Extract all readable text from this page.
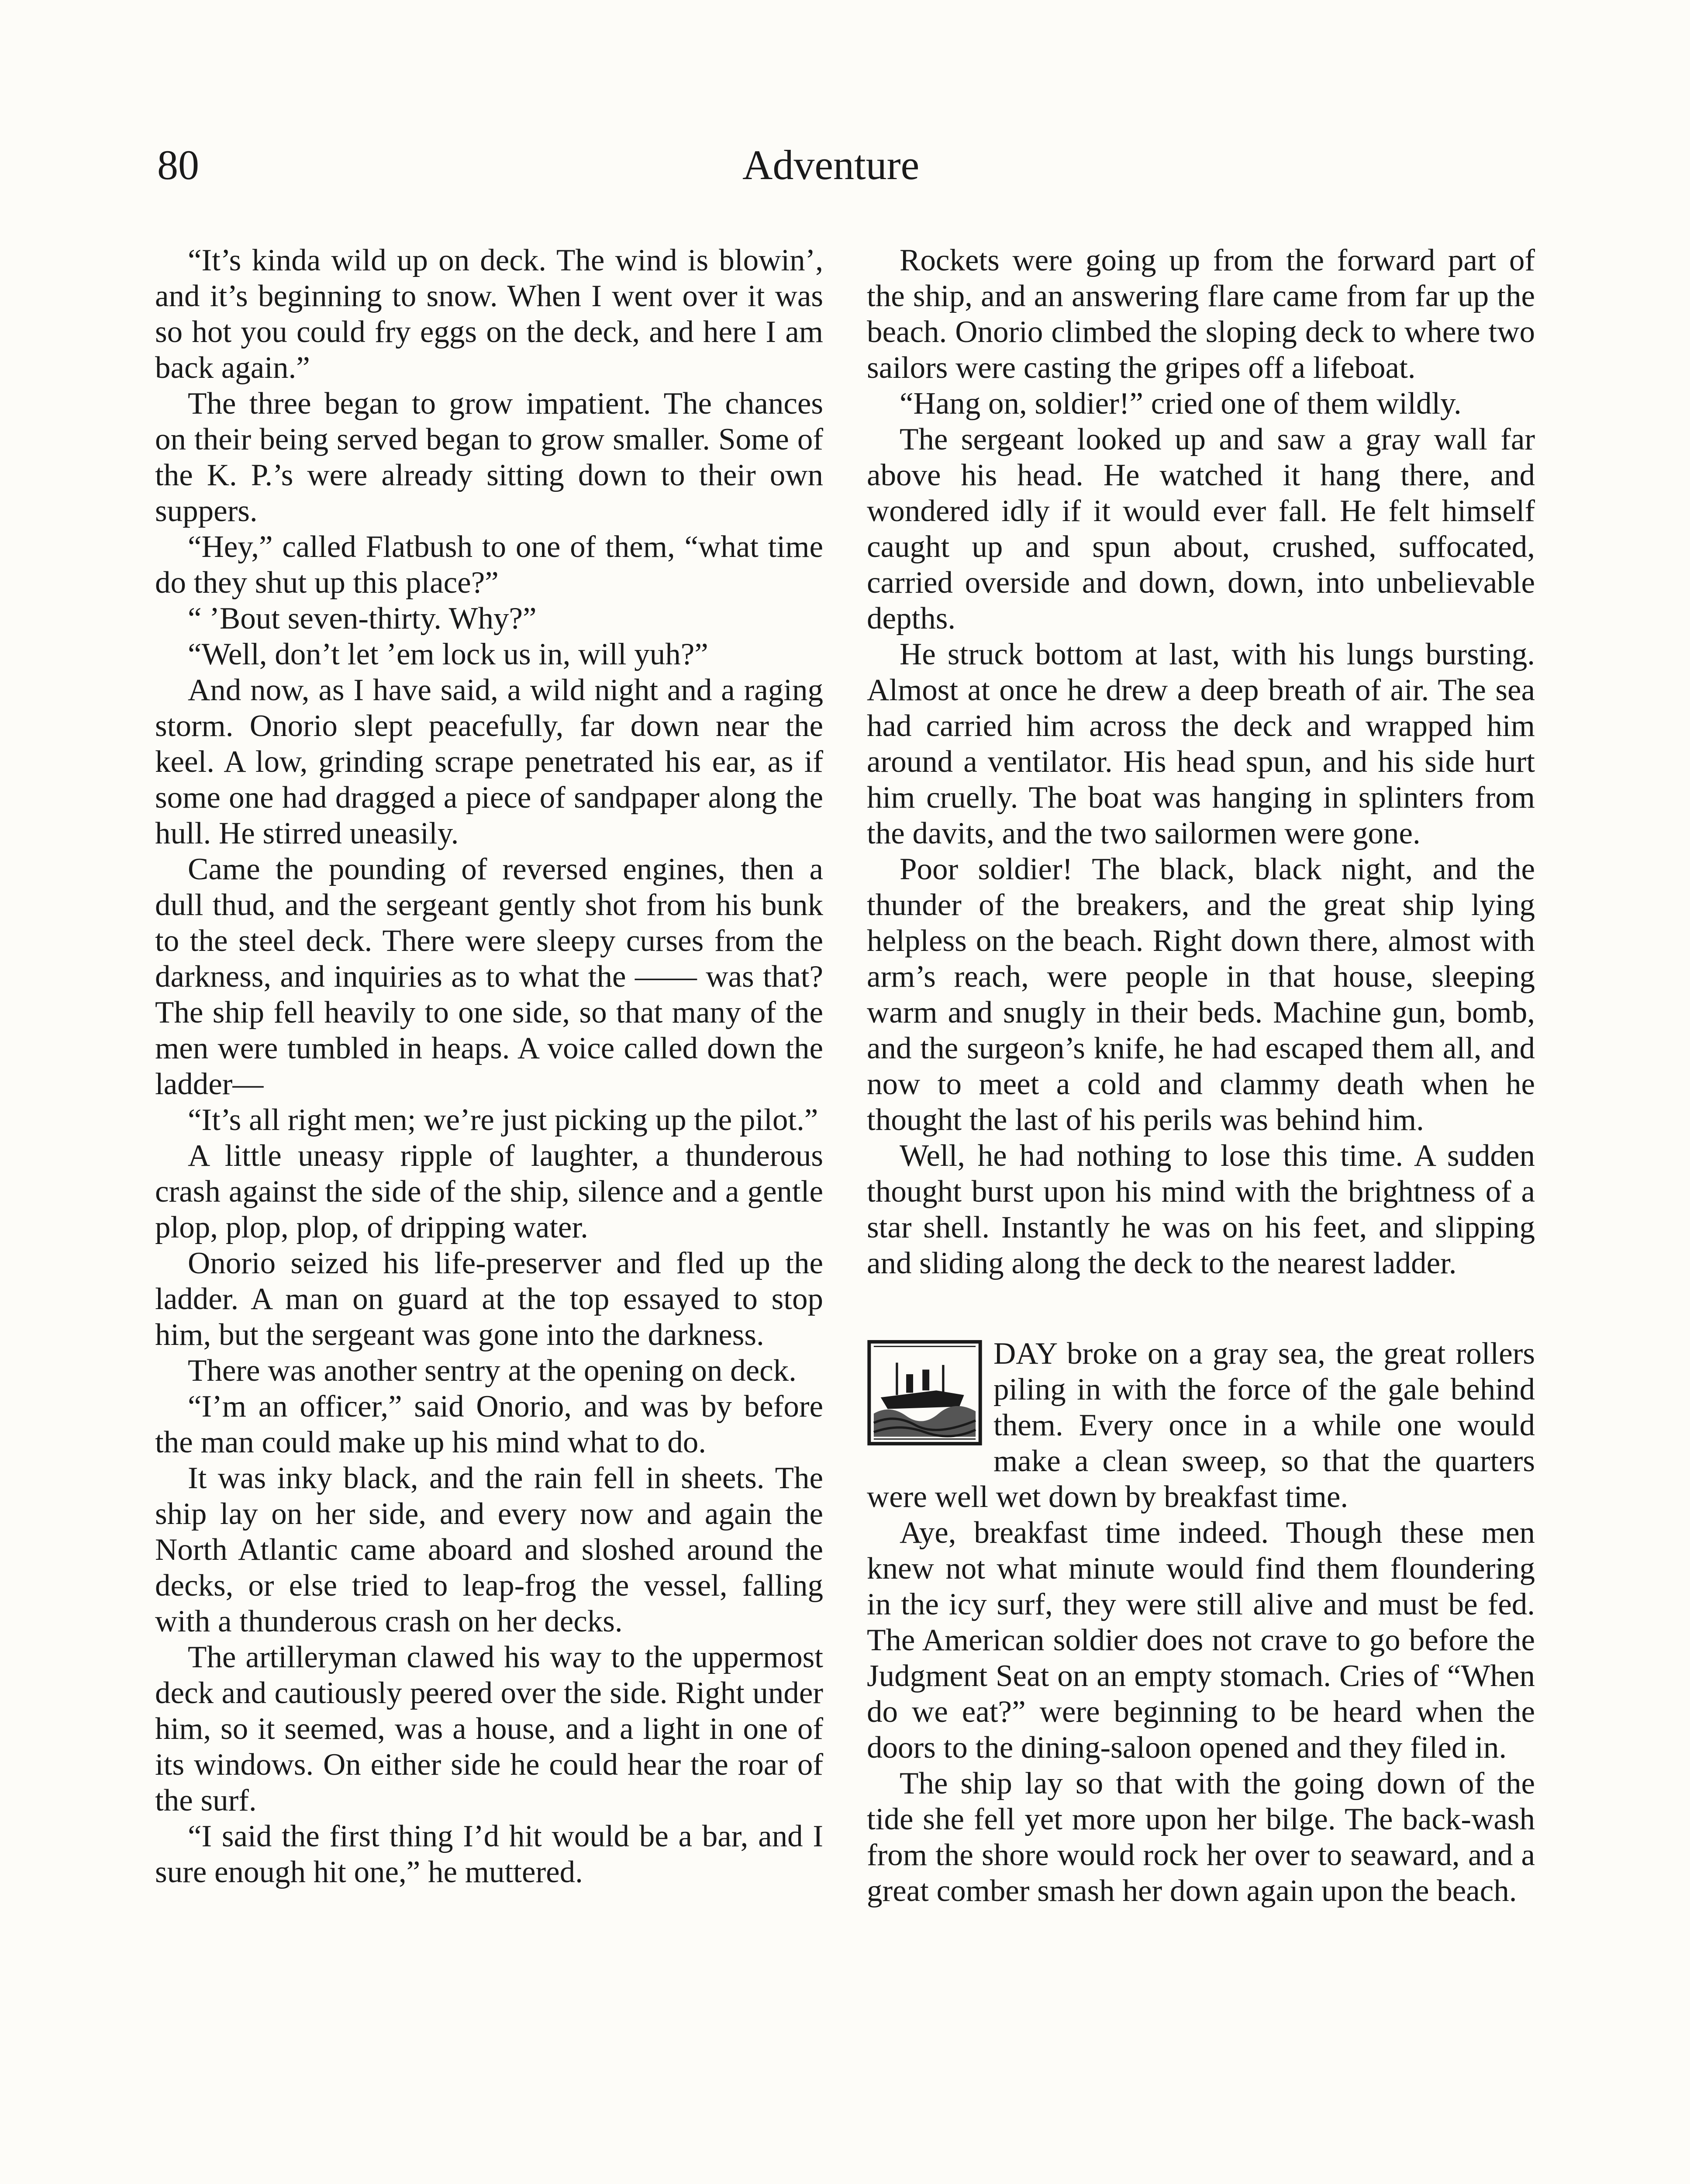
80	Adventure

“It’s kinda wild up on deck. The wind is blowin’, and it’s beginning to snow. When I went over it was so hot you could fry eggs on the deck, and here I am back again.”

The three began to grow impatient. The chances on their being served began to grow smaller. Some of the K. P.’s were already sitting down to their own suppers.

“Hey,” called Flatbush to one of them, “what time do they shut up this place?”

“ ’Bout seven-thirty. Why?”

“Well, don’t let ’em lock us in, will yuh?”

And now, as I have said, a wild night and a raging storm. Onorio slept peacefully, far down near the keel. A low, grinding scrape penetrated his ear, as if some one had dragged a piece of sandpaper along the hull. He stirred uneasily.

Came the pounding of reversed engines, then a dull thud, and the sergeant gently shot from his bunk to the steel deck. There were sleepy curses from the darkness, and inquiries as to what the —— was that? The ship fell heavily to one side, so that many of the men were tumbled in heaps. A voice called down the ladder—

“It’s all right men; we’re just picking up the pilot.”

A little uneasy ripple of laughter, a thunderous crash against the side of the ship, silence and a gentle plop, plop, plop, of dripping water.

Onorio seized his life-preserver and fled up the ladder. A man on guard at the top essayed to stop him, but the sergeant was gone into the darkness.

There was another sentry at the opening on deck.

“I’m an officer,” said Onorio, and was by before the man could make up his mind what to do.

It was inky black, and the rain fell in sheets. The ship lay on her side, and every now and again the North Atlantic came aboard and sloshed around the decks, or else tried to leap-frog the vessel, falling with a thunderous crash on her decks.

The artilleryman clawed his way to the uppermost deck and cautiously peered over the side. Right under him, so it seemed, was a house, and a light in one of its windows. On either side he could hear the roar of the surf.

“I said the first thing I’d hit would be a bar, and I sure enough hit one,” he muttered.

Rockets were going up from the forward part of the ship, and an answering flare came from far up the beach. Onorio climbed the sloping deck to where two sailors were casting the gripes off a lifeboat.

“Hang on, soldier!” cried one of them wildly.

The sergeant looked up and saw a gray wall far above his head. He watched it hang there, and wondered idly if it would ever fall. He felt himself caught up and spun about, crushed, suffocated, carried overside and down, down, into unbelievable depths.

He struck bottom at last, with his lungs bursting. Almost at once he drew a deep breath of air. The sea had carried him across the deck and wrapped him around a ventilator. His head spun, and his side hurt him cruelly. The boat was hanging in splinters from the davits, and the two sailormen were gone.

Poor soldier! The black, black night, and the thunder of the breakers, and the great ship lying helpless on the beach. Right down there, almost with arm’s reach, were people in that house, sleeping warm and snugly in their beds. Machine gun, bomb, and the surgeon’s knife, he had escaped them all, and now to meet a cold and clammy death when he thought the last of his perils was behind him.

Well, he had nothing to lose this time. A sudden thought burst upon his mind with the brightness of a star shell. Instantly he was on his feet, and slipping and sliding along the deck to the nearest ladder.

DAY broke on a gray sea, the great rollers piling in with the force of the gale behind them. Every once in a while one would make a clean sweep, so that the quarters were well wet down by breakfast time.

Aye, breakfast time indeed. Though these men knew not what minute would find them floundering in the icy surf, they were still alive and must be fed. The American soldier does not crave to go before the Judgment Seat on an empty stomach. Cries of “When do we eat?” were beginning to be heard when the doors to the dining-saloon opened and they filed in.

The ship lay so that with the going down of the tide she fell yet more upon her bilge. The back-wash from the shore would rock her over to seaward, and a great comber smash her down again upon the beach.
